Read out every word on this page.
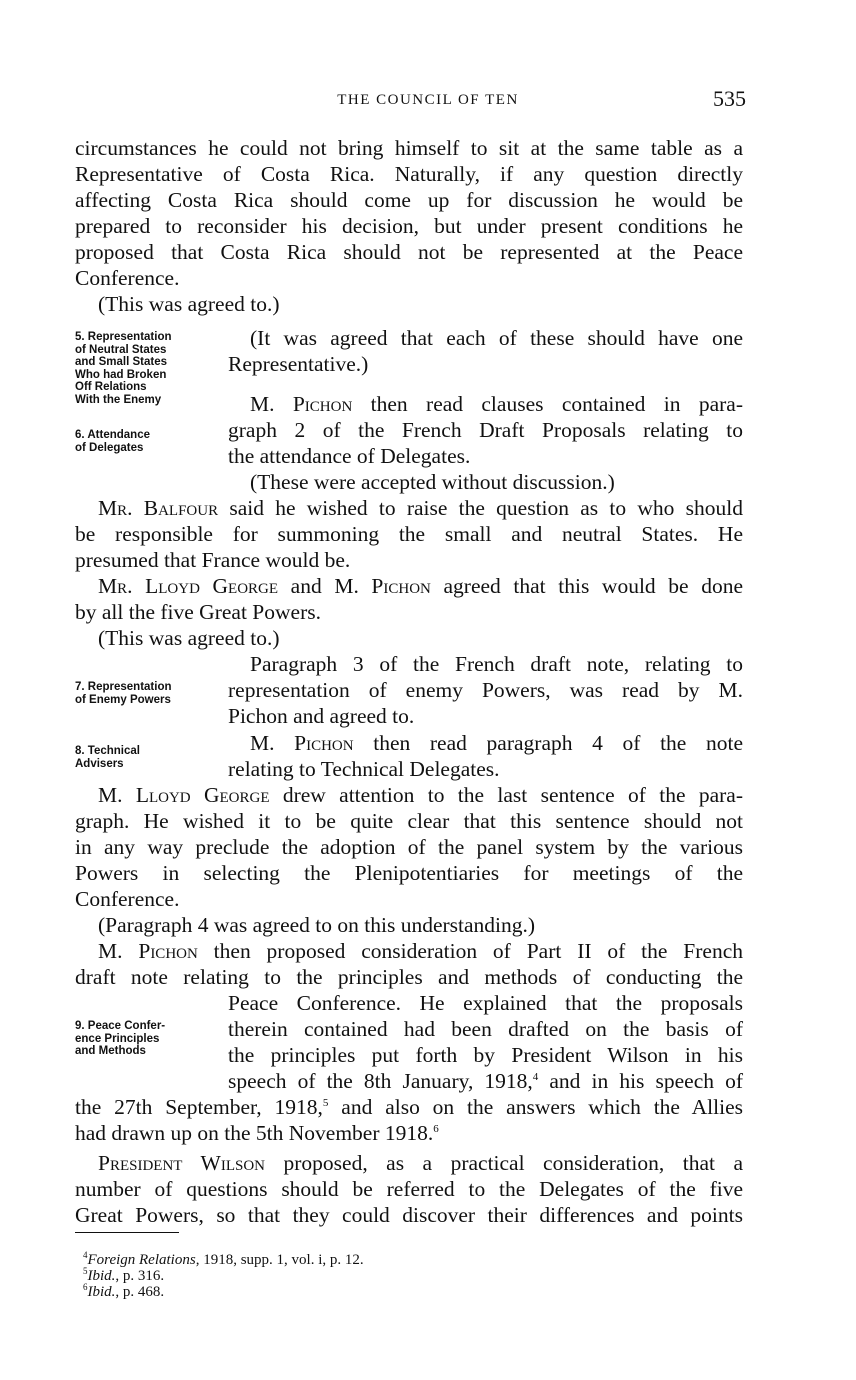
THE COUNCIL OF TEN	535
circumstances he could not bring himself to sit at the same table as a
Representative of Costa Rica. Naturally, if any question directly
affecting Costa Rica should come up for discussion he would be
prepared to reconsider his decision, but under present conditions he
proposed that Costa Rica should not be represented at the Peace
Conference.
(This was agreed to.)
5. Representation
of Neutral States
and Small States
Who had Broken
Off Relations
With the Enemy
(It was agreed that each of these should have one
Representative.)
6. Attendance
of Delegates
M. Pichon then read clauses contained in para-
graph 2 of the French Draft Proposals relating to
the attendance of Delegates.
(These were accepted without discussion.)
Mr. Balfour said he wished to raise the question as to who should
be responsible for summoning the small and neutral States. He
presumed that France would be.
Mr. Lloyd George and M. Pichon agreed that this would be done
by all the five Great Powers.
(This was agreed to.)
7. Representation
of Enemy Powers
Paragraph 3 of the French draft note, relating to
representation of enemy Powers, was read by M.
Pichon and agreed to.
8. Technical
Advisers
M. Pichon then read paragraph 4 of the note
relating to Technical Delegates.
M. Lloyd George drew attention to the last sentence of the para-
graph. He wished it to be quite clear that this sentence should not
in any way preclude the adoption of the panel system by the various
Powers in selecting the Plenipotentiaries for meetings of the
Conference.
(Paragraph 4 was agreed to on this understanding.)
M. Pichon then proposed consideration of Part II of the French
draft note relating to the principles and methods of conducting the
9. Peace Confer-
ence Principles
and Methods
Peace Conference. He explained that the proposals
therein contained had been drafted on the basis of
the principles put forth by President Wilson in his
speech of the 8th January, 1918,$^4$ and in his speech of
the 27th September, 1918,$^5$ and also on the answers which the Allies
had drawn up on the 5th November 1918.$^6$
President Wilson proposed, as a practical consideration, that a
number of questions should be referred to the Delegates of the five
Great Powers, so that they could discover their differences and points
$^4$Foreign Relations, 1918, supp. 1, vol. i, p. 12.
$^5$Ibid., p. 316.
$^6$Ibid., p. 468.
